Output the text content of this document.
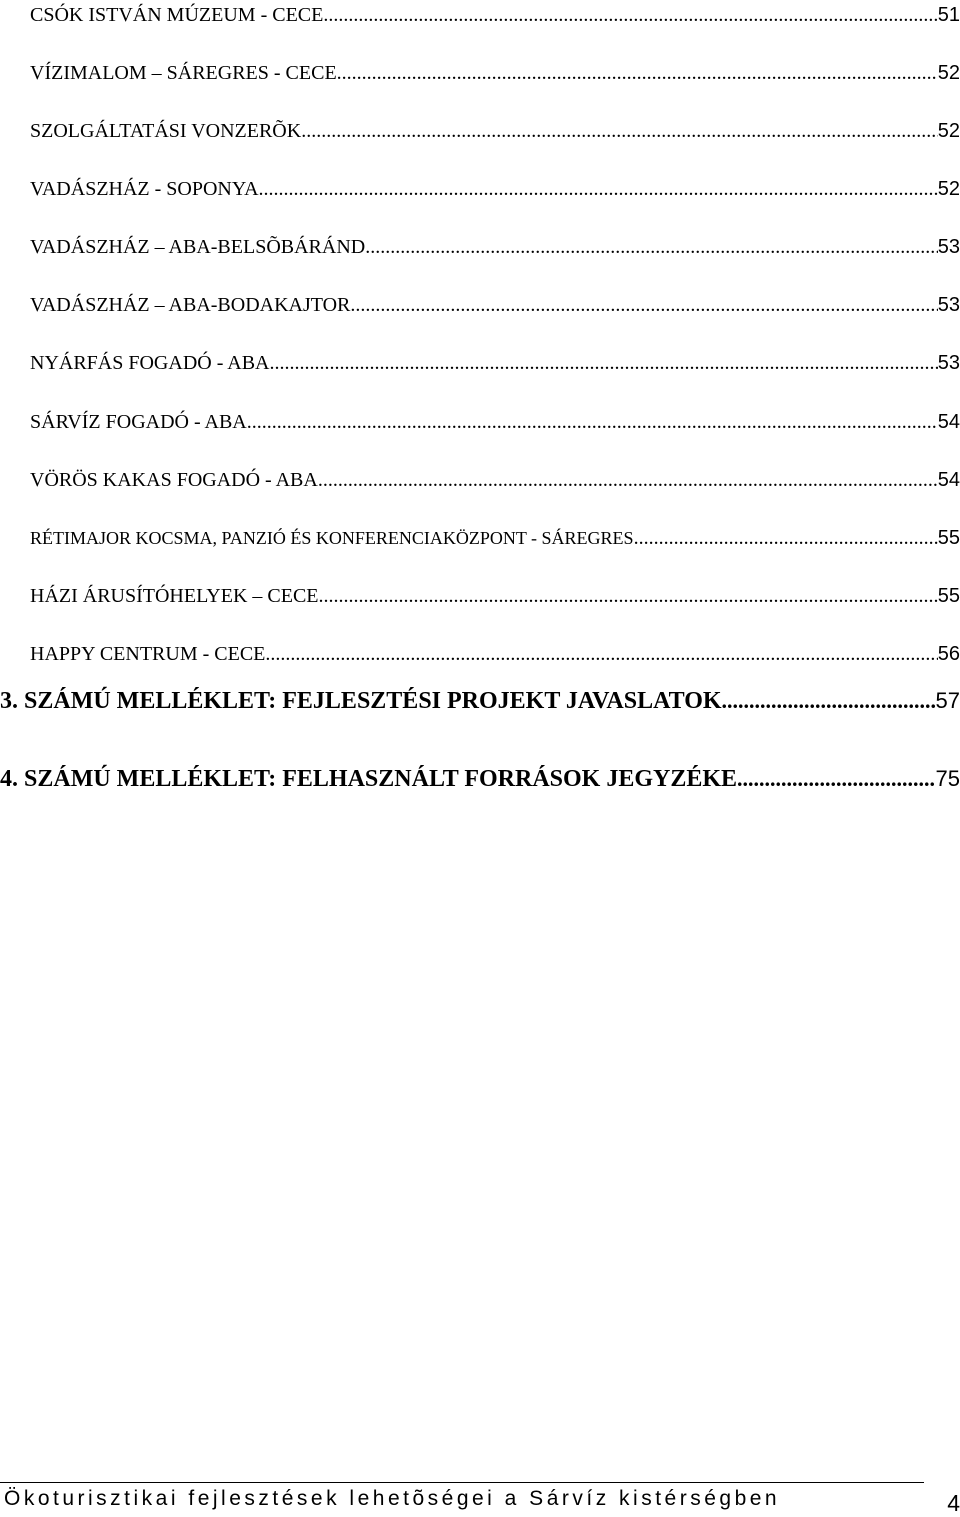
CSÓK ISTVÁN MÚZEUM - CECE .....	51
VÍZIMALOM – SÁREGRES - CECE .....	52
SZOLGÁLTATÁSI VONZERÕK .....	52
VADÁSZHÁZ - SOPONYA .....	52
VADÁSZHÁZ – ABA-BELSÕBÁRÁND .....	53
VADÁSZHÁZ – ABA-BODAKAJTOR .....	53
NYÁRFÁS FOGADÓ - ABA .....	53
SÁRVÍZ FOGADÓ - ABA .....	54
VÖRÖS KAKAS FOGADÓ - ABA .....	54
RÉTIMAJOR KOCSMA, PANZIÓ ÉS KONFERENCIAKÖZPONT - SÁREGRES .....	55
HÁZI ÁRUSÍTÓHELYEK – CECE .....	55
HAPPY CENTRUM - CECE .....	56
3. SZÁMÚ MELLÉKLET: FEJLESZTÉSI PROJEKT JAVASLATOK .....	57
4. SZÁMÚ MELLÉKLET: FELHASZNÁLT FORRÁSOK JEGYZÉKE .....	75
Ökoturisztikai fejlesztések lehetõségei a Sárvíz kistérségben	4
